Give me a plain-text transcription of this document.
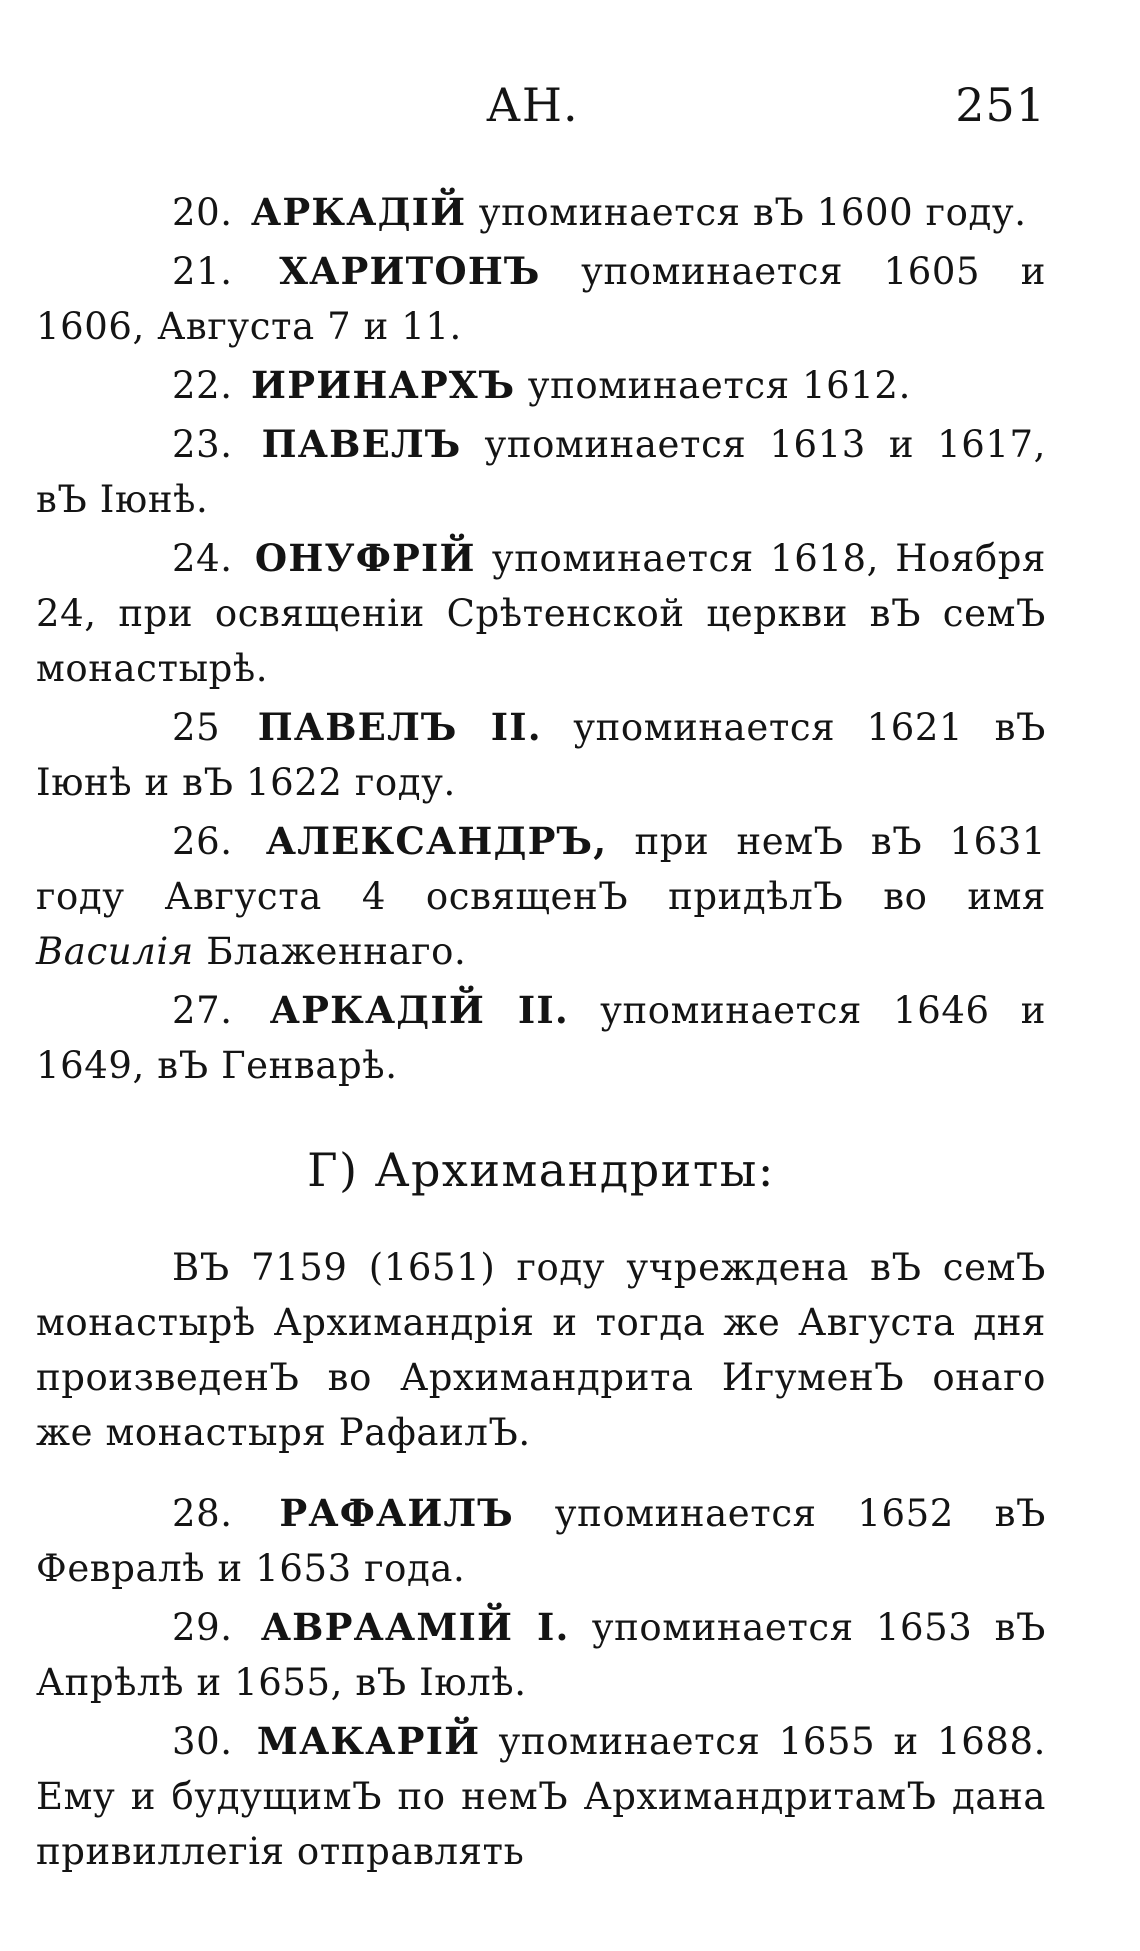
АН.	251

20. АРКАДIЙ упоминается вЪ 1600 году.

21. ХАРИТОНЪ упоминается 1605 и 1606, Августа 7 и 11.

22. ИРИНАРХЪ упоминается 1612.

23. ПАВЕЛЪ упоминается 1613 и 1617, вЪ Iюнѣ.

24. ОНУФРIЙ упоминается 1618, Ноября 24, при освященiи Срѣтенской церкви вЪ семЪ монастырѣ.

25 ПАВЕЛЪ II. упоминается 1621 вЪ Iюнѣ и вЪ 1622 году.

26. АЛЕКСАНДРЪ, при немЪ вЪ 1631 году Августа 4 освященЪ придѣлЪ во имя Василiя Блаженнаго.

27. АРКАДIЙ II. упоминается 1646 и 1649, вЪ Генварѣ.

Г) Архимандриты:

ВЪ 7159 (1651) году учреждена вЪ семЪ монастырѣ Архимандрiя и тогда же Августа дня произведенЪ во Архимандрита ИгуменЪ онаго же монастыря РафаилЪ.

28. РАФАИЛЪ упоминается 1652 вЪ Февралѣ и 1653 года.

29. АВРААМIЙ I. упоминается 1653 вЪ Апрѣлѣ и 1655, вЪ Iюлѣ.

30. МАКАРIЙ упоминается 1655 и 1688. Ему и будущимЪ по немЪ АрхимандритамЪ дана привиллегiя отправлять
